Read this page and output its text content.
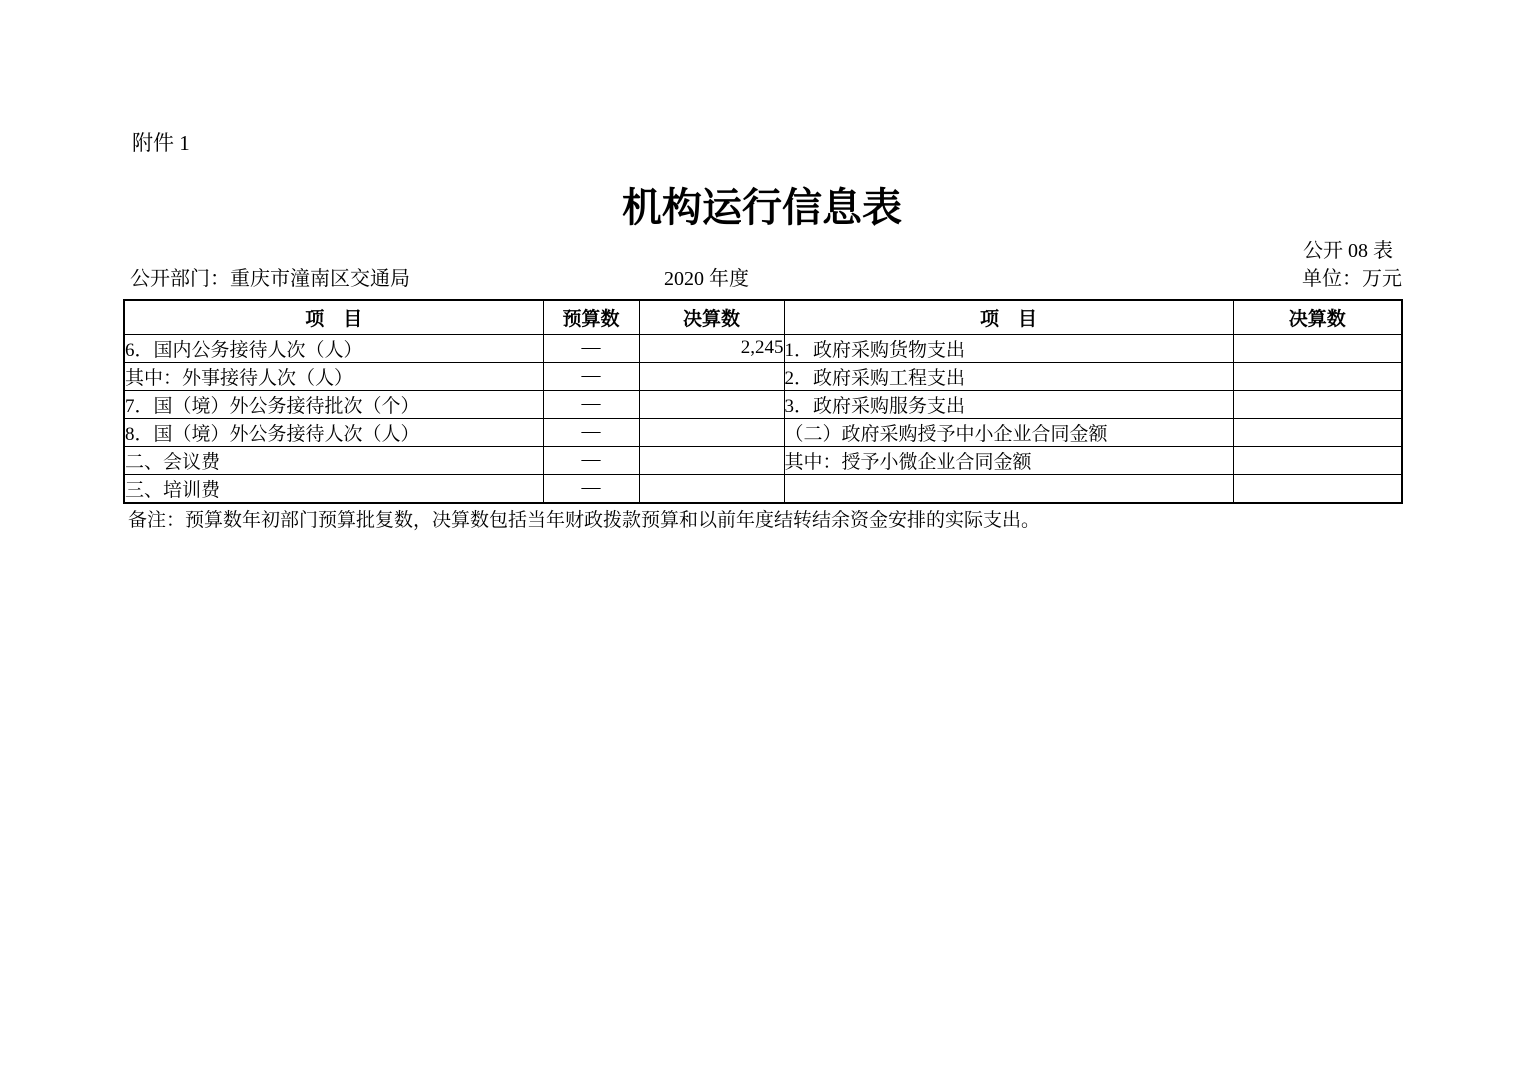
附件 1
机构运行信息表
公开 08 表
公开部门：重庆市潼南区交通局	2020 年度	单位：万元
项　目	预算数	决算数	项　目	决算数
6．国内公务接待人次（人）	—	2,245	1．政府采购货物支出	
其中：外事接待人次（人）	—		2．政府采购工程支出	
7．国（境）外公务接待批次（个）	—		3．政府采购服务支出	
8．国（境）外公务接待人次（人）	—		（二）政府采购授予中小企业合同金额	
二、会议费	—		其中：授予小微企业合同金额	
三、培训费	—			
备注：预算数年初部门预算批复数，决算数包括当年财政拨款预算和以前年度结转结余资金安排的实际支出。
